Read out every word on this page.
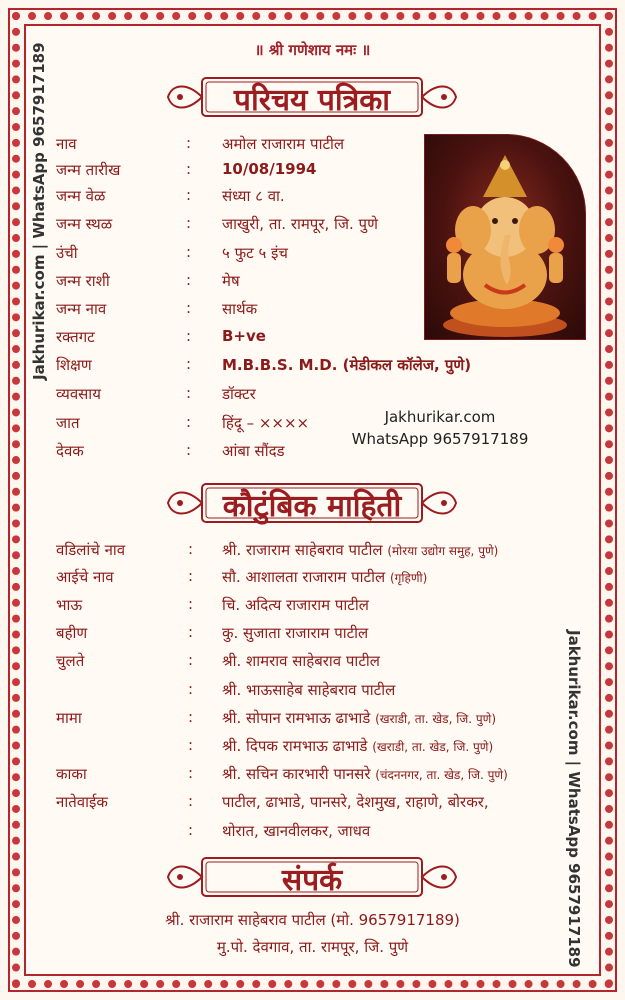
॥ श्री गणेशाय नमः ॥
परिचय पत्रिका
नाव	: अमोल राजाराम पाटील
जन्म तारीख	: 10/08/1994
जन्म वेळ	: संध्या ८ वा.
जन्म स्थळ	: जाखुरी, ता. रामपूर, जि. पुणे
उंची	: ५ फुट ५ इंच
जन्म राशी	: मेष
जन्म नाव	: सार्थक
रक्तगट	: B+ve
शिक्षण	: M.B.B.S. M.D. (मेडीकल कॉलेज, पुणे)
व्यवसाय	: डॉक्टर
जात	: हिंदू – ××××
देवक	: आंबा सौंदड
Jakhurikar.com
WhatsApp 9657917189
कौटुंबिक माहिती
वडिलांचे नाव	: श्री. राजाराम साहेबराव पाटील (मोरया उद्योग समुह, पुणे)
आईचे नाव	: सौ. आशालता राजाराम पाटील (गृहिणी)
भाऊ	: चि. अदित्य राजाराम पाटील
बहीण	: कु. सुजाता राजाराम पाटील
चुलते	: श्री. शामराव साहेबराव पाटील
: श्री. भाऊसाहेब साहेबराव पाटील
मामा	: श्री. सोपान रामभाऊ ढाभाडे (खराडी, ता. खेड, जि. पुणे)
: श्री. दिपक रामभाऊ ढाभाडे (खराडी, ता. खेड, जि. पुणे)
काका	: श्री. सचिन कारभारी पानसरे (चंदननगर, ता. खेड, जि. पुणे)
नातेवाईक	: पाटील, ढाभाडे, पानसरे, देशमुख, राहाणे, बोरकर,
: थोरात, खानवीलकर, जाधव
संपर्क
श्री. राजाराम साहेबराव पाटील (मो. 9657917189)
मु.पो. देवगाव, ता. रामपूर, जि. पुणे
Jakhurikar.com | WhatsApp 9657917189
Jakhurikar.com | WhatsApp 9657917189
